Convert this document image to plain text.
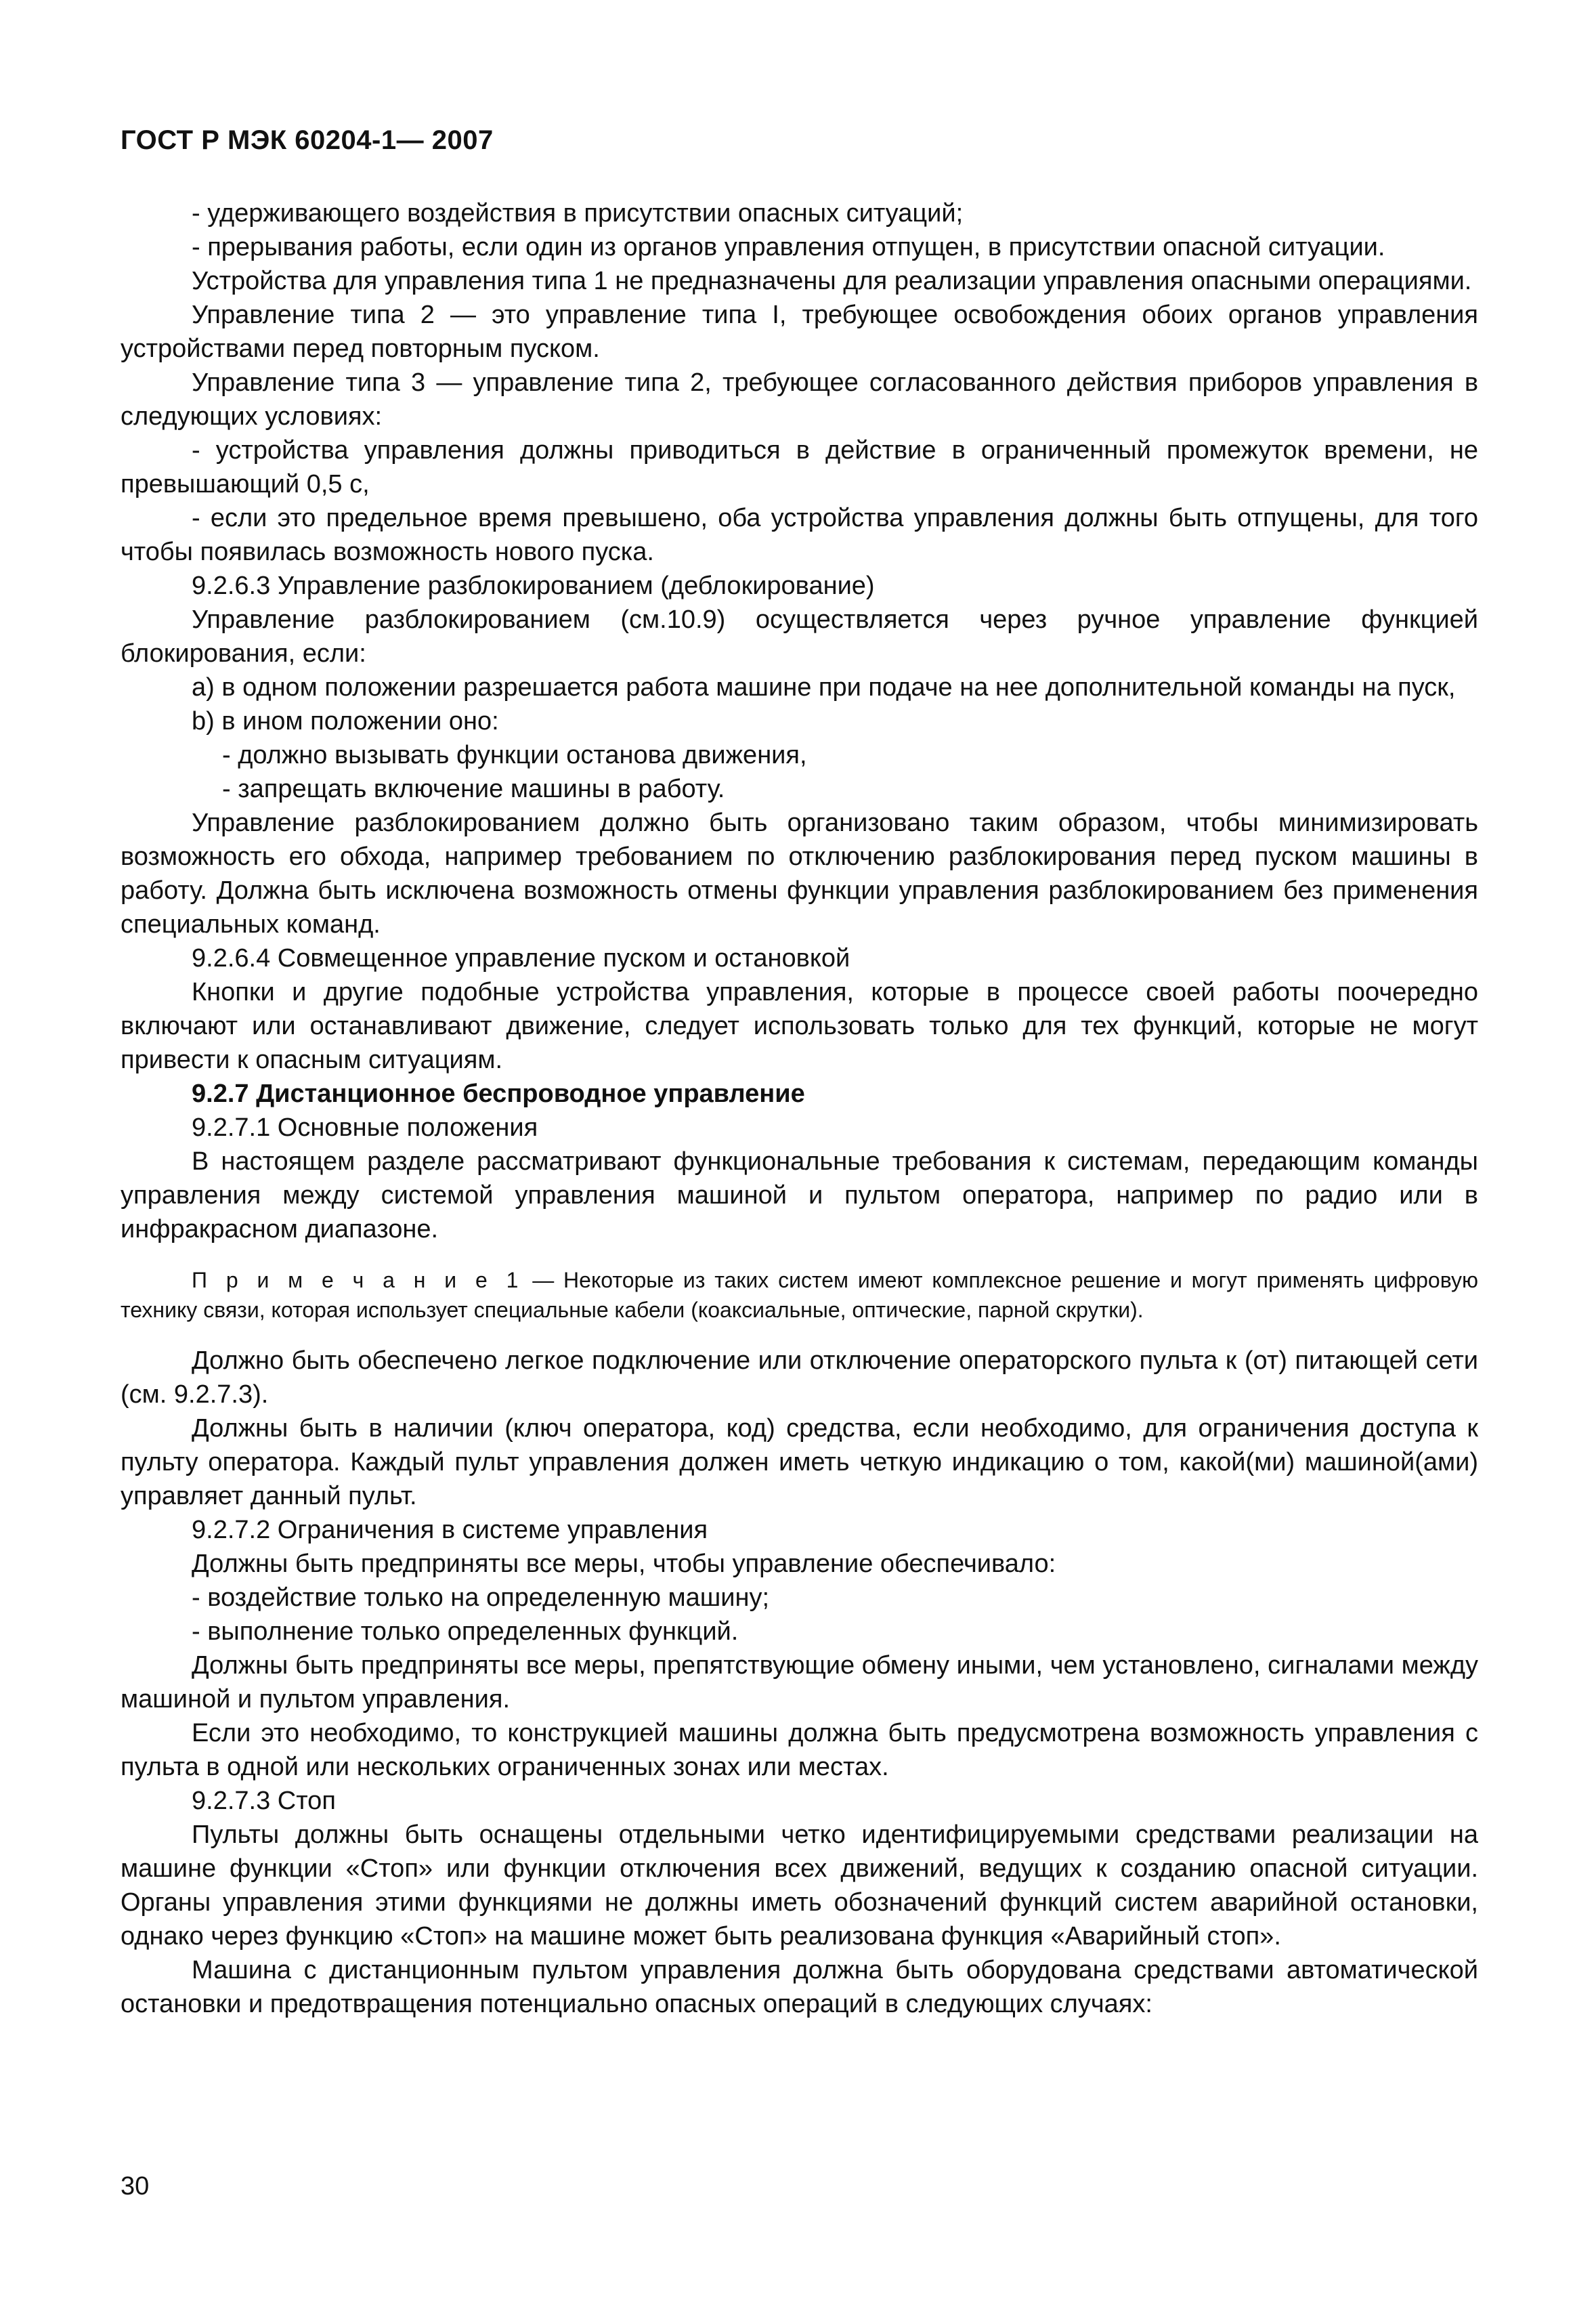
ГОСТ Р МЭК 60204-1— 2007

- удерживающего воздействия в присутствии опасных ситуаций;

- прерывания работы, если один из органов управления отпущен, в присутствии опасной ситуации.

Устройства для управления типа 1 не предназначены для реализации управления опасными операциями.

Управление типа 2 — это управление типа I, требующее освобождения обоих органов управления устройствами перед повторным пуском.

Управление типа 3 — управление типа 2, требующее согласованного действия приборов управления в следующих условиях:

- устройства управления должны приводиться в действие в ограниченный промежуток времени, не превышающий 0,5 с,

- если это предельное время превышено, оба устройства управления должны быть отпущены, для того чтобы появилась возможность нового пуска.

9.2.6.3 Управление разблокированием (деблокирование)

Управление разблокированием (см.10.9) осуществляется через ручное управление функцией блокирования, если:

a) в одном положении разрешается работа машине при подаче на нее дополнительной команды на пуск,

b) в ином положении оно:

- должно вызывать функции останова движения,

- запрещать включение машины в работу.

Управление разблокированием должно быть организовано таким образом, чтобы минимизировать возможность его обхода, например требованием по отключению разблокирования перед пуском машины в работу. Должна быть исключена возможность отмены функции управления разблокированием без применения специальных команд.

9.2.6.4 Совмещенное управление пуском и остановкой

Кнопки и другие подобные устройства управления, которые в процессе своей работы поочередно включают или останавливают движение, следует использовать только для тех функций, которые не могут привести к опасным ситуациям.

9.2.7 Дистанционное беспроводное управление

9.2.7.1 Основные положения

В настоящем разделе рассматривают функциональные требования к системам, передающим команды управления между системой управления машиной и пультом оператора, например по радио или в инфракрасном диапазоне.

П р и м е ч а н и е 1 — Некоторые из таких систем имеют комплексное решение и могут применять цифровую технику связи, которая использует специальные кабели (коаксиальные, оптические, парной скрутки).

Должно быть обеспечено легкое подключение или отключение операторского пульта к (от) питающей сети (см. 9.2.7.3).

Должны быть в наличии (ключ оператора, код) средства, если необходимо, для ограничения доступа к пульту оператора. Каждый пульт управления должен иметь четкую индикацию о том, какой(ми) машиной(ами) управляет данный пульт.

9.2.7.2 Ограничения в системе управления

Должны быть предприняты все меры, чтобы управление обеспечивало:

- воздействие только на определенную машину;

- выполнение только определенных функций.

Должны быть предприняты все меры, препятствующие обмену иными, чем установлено, сигналами между машиной и пультом управления.

Если это необходимо, то конструкцией машины должна быть предусмотрена возможность управления с пульта в одной или нескольких ограниченных зонах или местах.

9.2.7.3 Стоп

Пульты должны быть оснащены отдельными четко идентифицируемыми средствами реализации на машине функции «Стоп» или функции отключения всех движений, ведущих к созданию опасной ситуации. Органы управления этими функциями не должны иметь обозначений функций систем аварийной остановки, однако через функцию «Стоп» на машине может быть реализована функция «Аварийный стоп».

Машина с дистанционным пультом управления должна быть оборудована средствами автоматической остановки и предотвращения потенциально опасных операций в следующих случаях:

30
